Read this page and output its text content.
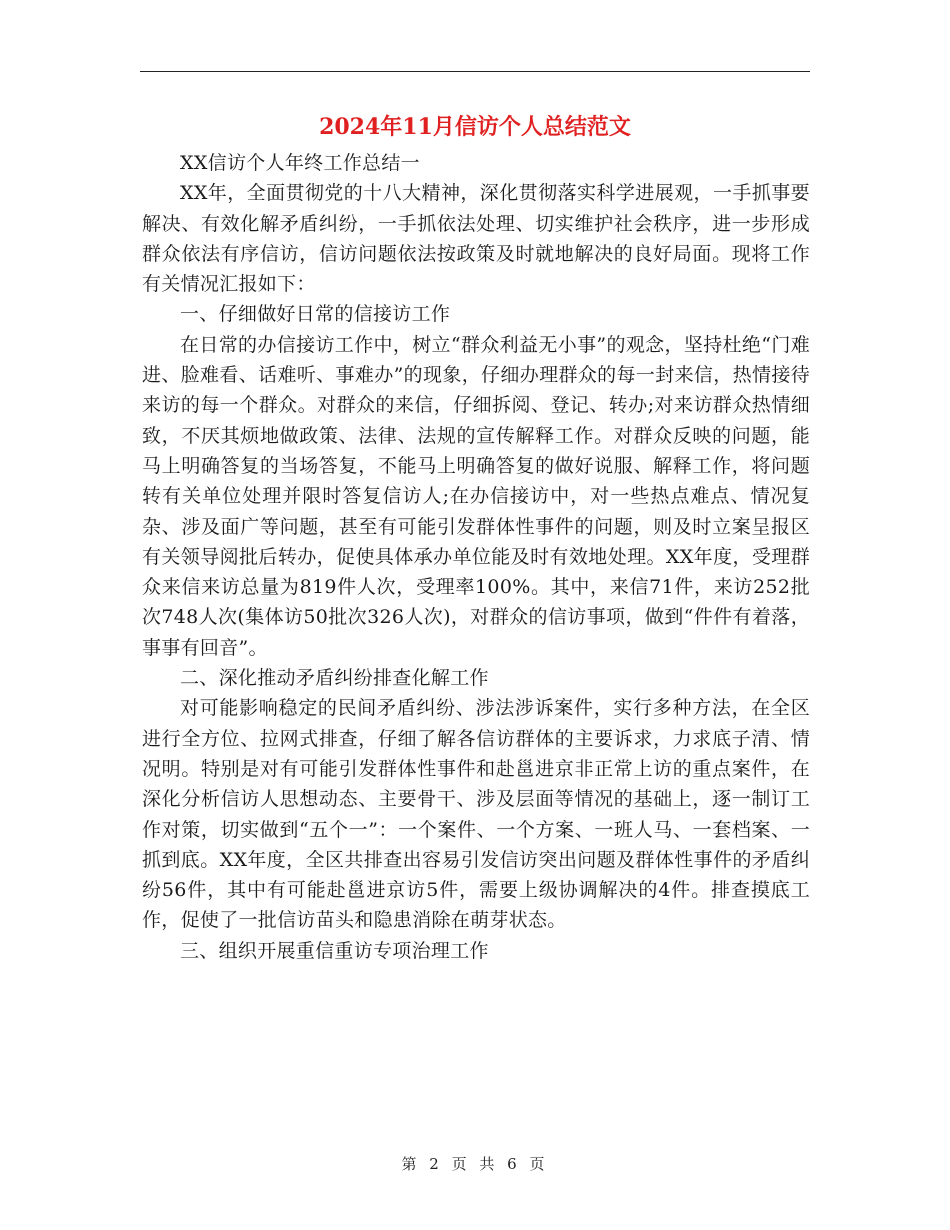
2024年11月信访个人总结范文

XX信访个人年终工作总结一

XX年，全面贯彻党的十八大精神，深化贯彻落实科学进展观，一手抓事要解决、有效化解矛盾纠纷，一手抓依法处理、切实维护社会秩序，进一步形成群众依法有序信访，信访问题依法按政策及时就地解决的良好局面。现将工作有关情况汇报如下：

一、仔细做好日常的信接访工作

在日常的办信接访工作中，树立“群众利益无小事”的观念，坚持杜绝“门难进、脸难看、话难听、事难办”的现象，仔细办理群众的每一封来信，热情接待来访的每一个群众。对群众的来信，仔细拆阅、登记、转办;对来访群众热情细致，不厌其烦地做政策、法律、法规的宣传解释工作。对群众反映的问题，能马上明确答复的当场答复，不能马上明确答复的做好说服、解释工作，将问题转有关单位处理并限时答复信访人;在办信接访中，对一些热点难点、情况复杂、涉及面广等问题，甚至有可能引发群体性事件的问题，则及时立案呈报区有关领导阅批后转办，促使具体承办单位能及时有效地处理。XX年度，受理群众来信来访总量为819件人次，受理率100%。其中，来信71件，来访252批次748人次(集体访50批次326人次)，对群众的信访事项，做到“件件有着落，事事有回音”。

二、深化推动矛盾纠纷排查化解工作

对可能影响稳定的民间矛盾纠纷、涉法涉诉案件，实行多种方法，在全区进行全方位、拉网式排查，仔细了解各信访群体的主要诉求，力求底子清、情况明。特别是对有可能引发群体性事件和赴邕进京非正常上访的重点案件，在深化分析信访人思想动态、主要骨干、涉及层面等情况的基础上，逐一制订工作对策，切实做到“五个一”：一个案件、一个方案、一班人马、一套档案、一抓到底。XX年度，全区共排查出容易引发信访突出问题及群体性事件的矛盾纠纷56件，其中有可能赴邕进京访5件，需要上级协调解决的4件。排查摸底工作，促使了一批信访苗头和隐患消除在萌芽状态。

三、组织开展重信重访专项治理工作

第 2 页 共 6 页
